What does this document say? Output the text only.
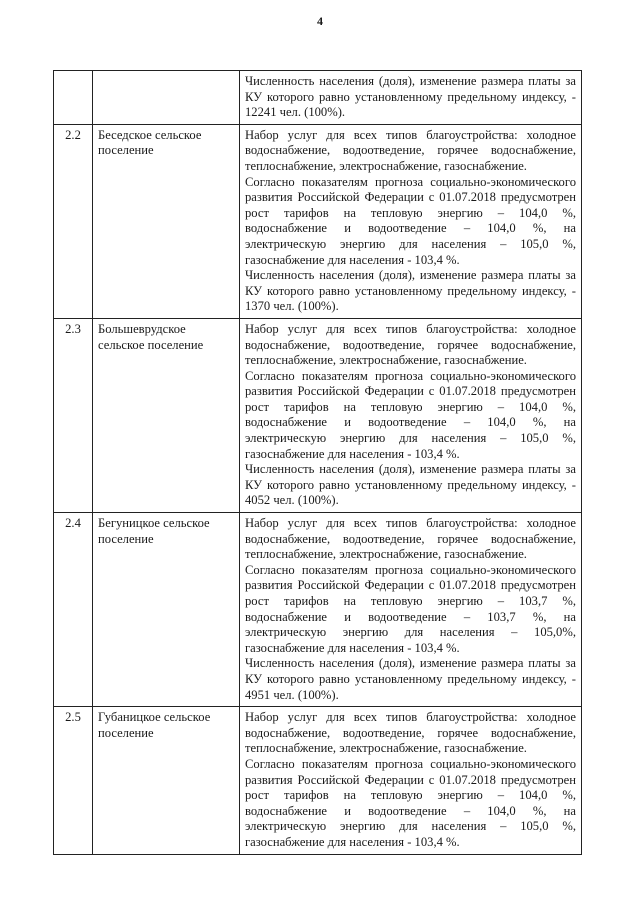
4

		Численность населения (доля), изменение размера платы за КУ которого равно установленному предельному индексу, - 12241 чел. (100%).

2.2	Беседское сельское поселение	Набор услуг для всех типов благоустройства: холодное водоснабжение, водоотведение, горячее водоснабжение, теплоснабжение, электроснабжение, газоснабжение.

Согласно показателям прогноза социально-экономического развития Российской Федерации с 01.07.2018 предусмотрен рост тарифов на тепловую энергию – 104,0 %, водоснабжение и водоотведение – 104,0 %, на электрическую энергию для населения – 105,0 %, газоснабжение для населения - 103,4 %.

Численность населения (доля), изменение размера платы за КУ которого равно установленному предельному индексу, - 1370 чел. (100%).

2.3	Большеврудское сельское поселение	Набор услуг для всех типов благоустройства: холодное водоснабжение, водоотведение, горячее водоснабжение, теплоснабжение, электроснабжение, газоснабжение.

Согласно показателям прогноза социально-экономического развития Российской Федерации с 01.07.2018 предусмотрен рост тарифов на тепловую энергию – 104,0 %, водоснабжение и водоотведение – 104,0 %, на электрическую энергию для населения – 105,0 %, газоснабжение для населения - 103,4 %.

Численность населения (доля), изменение размера платы за КУ которого равно установленному предельному индексу, - 4052 чел. (100%).

2.4	Бегуницкое сельское поселение	Набор услуг для всех типов благоустройства: холодное водоснабжение, водоотведение, горячее водоснабжение, теплоснабжение, электроснабжение, газоснабжение.

Согласно показателям прогноза социально-экономического развития Российской Федерации с 01.07.2018 предусмотрен рост тарифов на тепловую энергию – 103,7 %, водоснабжение и водоотведение – 103,7 %, на электрическую энергию для населения – 105,0%, газоснабжение для населения - 103,4 %.

Численность населения (доля), изменение размера платы за КУ которого равно установленному предельному индексу, - 4951 чел. (100%).

2.5	Губаницкое сельское поселение	Набор услуг для всех типов благоустройства: холодное водоснабжение, водоотведение, горячее водоснабжение, теплоснабжение, электроснабжение, газоснабжение.

Согласно показателям прогноза социально-экономического развития Российской Федерации с 01.07.2018 предусмотрен рост тарифов на тепловую энергию – 104,0 %, водоснабжение и водоотведение – 104,0 %, на электрическую энергию для населения – 105,0 %, газоснабжение для населения - 103,4 %.
